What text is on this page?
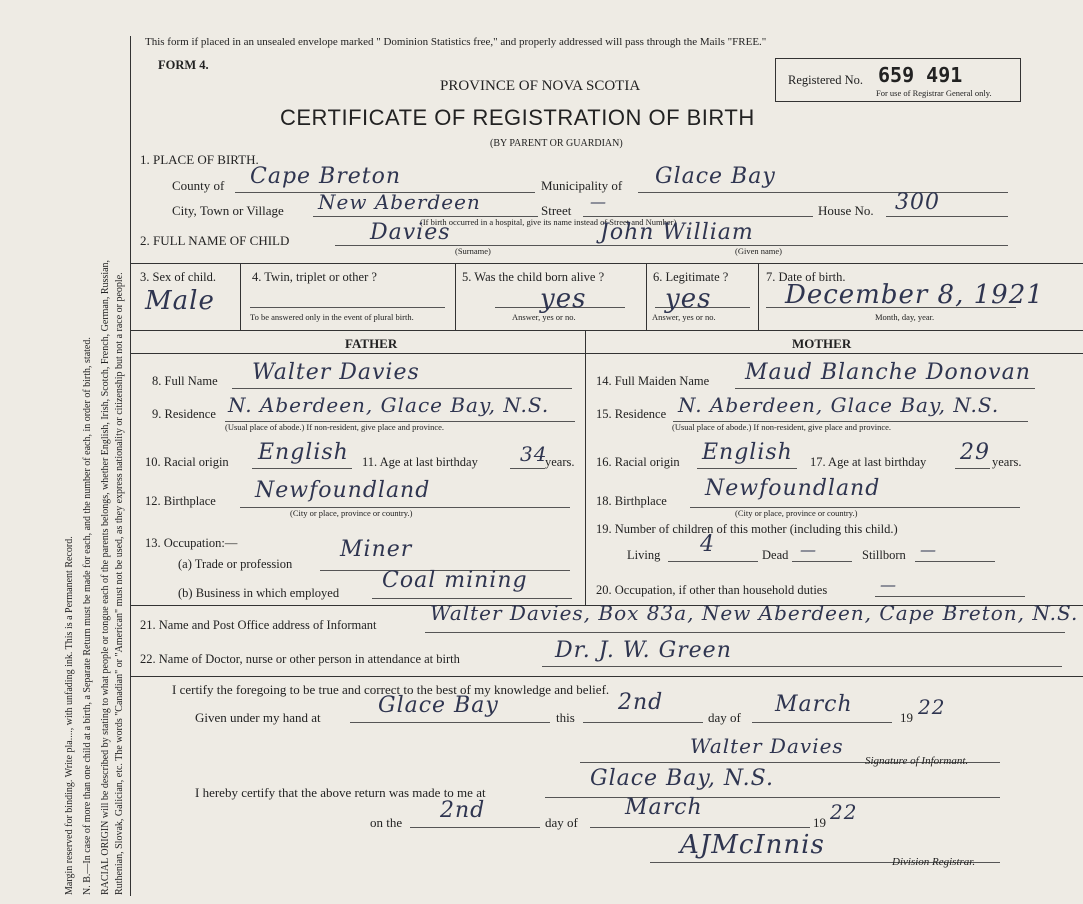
Margin reserved for binding. Write pla...., with unfading ink. This is a Permanent Record. N. B.—In case of more than one child at a birth, a Separate Return must be made for each, and the number of each, in order of birth, stated. RACIAL ORIGIN will be described by stating to what people or tongue each of the parents belongs, whether English, Irish, Scotch, French, German, Russian, Ruthenian, Slovak, Galician, etc. The words "Canadian" or "American" must not be used, as they express nationality or citizenship but not a race or people.
This form if placed in an unsealed envelope marked " Dominion Statistics free," and properly addressed will pass through the Mails "FREE."
FORM 4.
PROVINCE OF NOVA SCOTIA
CERTIFICATE OF REGISTRATION OF BIRTH
(BY PARENT OR GUARDIAN)
Registered No. 659 491
For use of Registrar General only.
1. PLACE OF BIRTH.
County of Cape Breton	Municipality of Glace Bay
City, Town or Village New Aberdeen	Street —	House No. 300
(If birth occurred in a hospital, give its name instead of Street and Number)
2. FULL NAME OF CHILD	Davies	John William
(Surname)	(Given name)
3. Sex of child.
Male
4. Twin, triplet or other ?
To be answered only in the event of plural birth.
5. Was the child born alive ?
yes
Answer, yes or no.
6. Legitimate ?
yes
Answer, yes or no.
7. Date of birth.
December 8, 1921
Month, day, year.
FATHER	MOTHER
8. Full Name Walter Davies
9. Residence N. Aberdeen, Glace Bay, N.S.
(Usual place of abode.) If non-resident, give place and province.
10. Racial origin English 11. Age at last birthday 34
years.
12. Birthplace Newfoundland
(City or place, province or country.)
13. Occupation:—
(a) Trade or profession
Miner
(b) Business in which employed Coal mining
14. Full Maiden Name Maud Blanche Donovan
15. Residence N. Aberdeen, Glace Bay, N.S.
(Usual place of abode.) If non-resident, give place and province.
16. Racial origin English 17. Age at last birthday 29 years.
18. Birthplace Newfoundland
(City or place, province or country.)
19. Number of children of this mother (including this child.)
Living 4	Dead —	Stillborn —
20. Occupation, if other than household duties	—
21. Name and Post Office address of Informant	Walter Davies, Box 83a, New Aberdeen, Cape Breton, N.S.
22. Name of Doctor, nurse or other person in attendance at birth	Dr. J. W. Green
I certify the foregoing to be true and correct to the best of my knowledge and belief.
Given under my hand at	Glace Bay	this
2nd
day of
March
19 22
Walter Davies
Signature of Informant.
I hereby certify that the above return was made to me at
Glace Bay, N.S.
on the 2nd	day of
March
19 22
AJMcInnis
Division Registrar.
